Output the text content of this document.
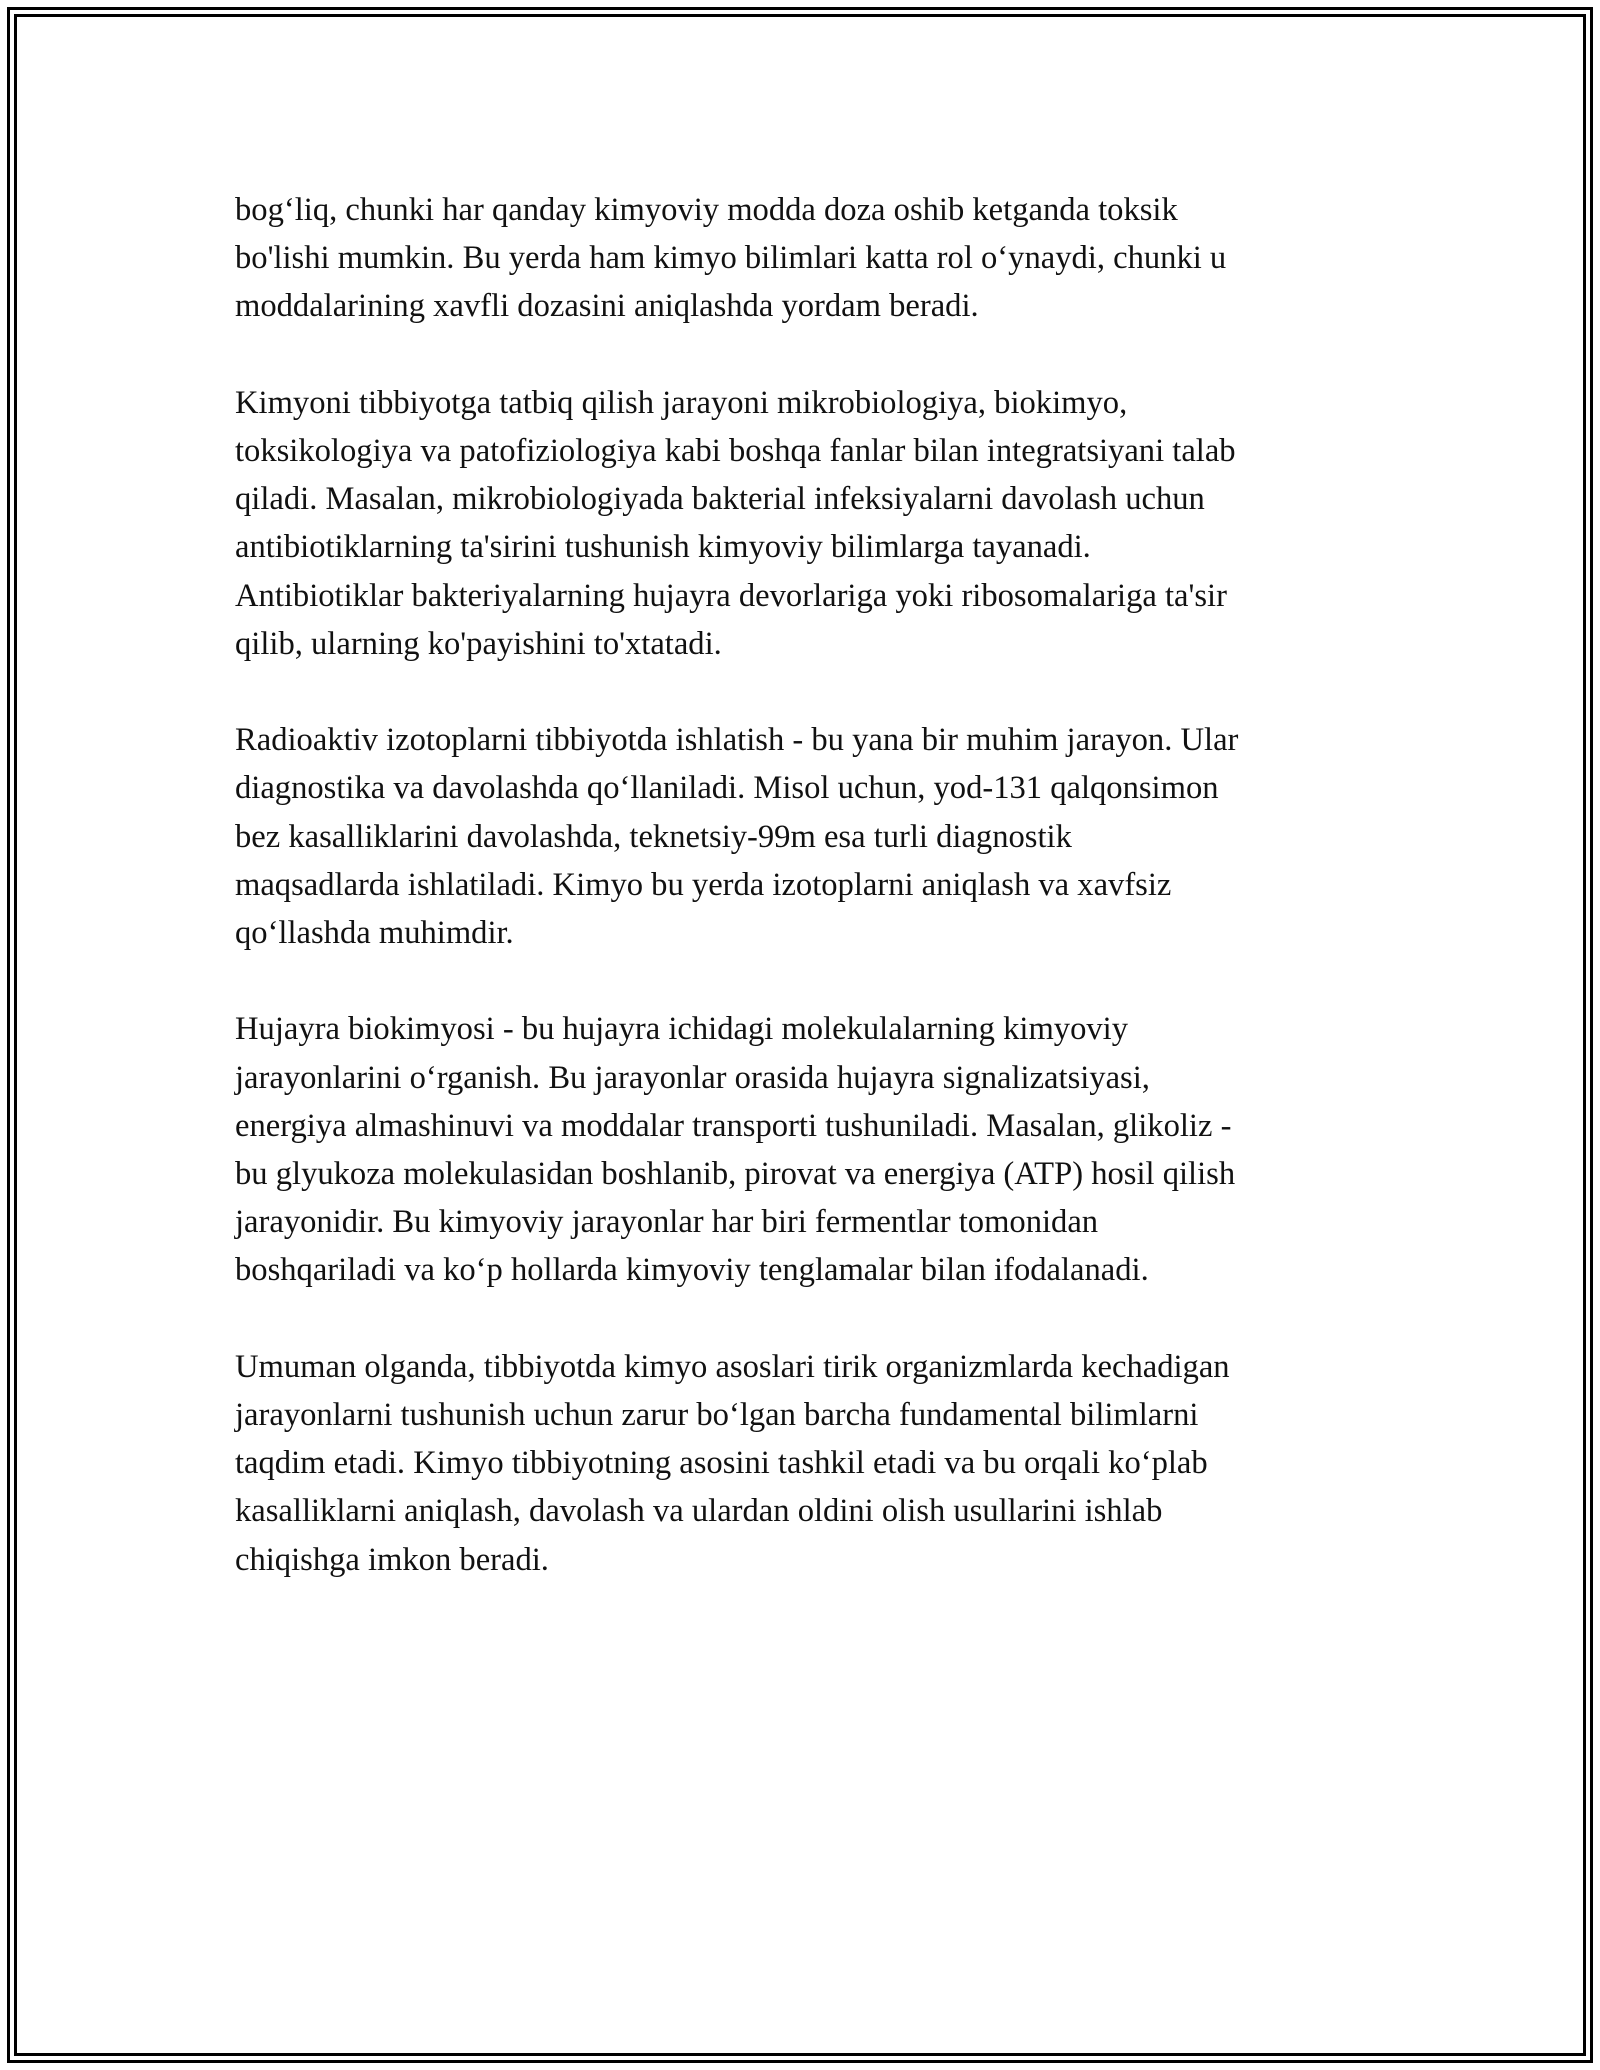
bog‘liq, chunki har qanday kimyoviy modda doza oshib ketganda toksik
bo'lishi mumkin. Bu yerda ham kimyo bilimlari katta rol o‘ynaydi, chunki u
moddalarining xavfli dozasini aniqlashda yordam beradi.

Kimyoni tibbiyotga tatbiq qilish jarayoni mikrobiologiya, biokimyo,
toksikologiya va patofiziologiya kabi boshqa fanlar bilan integratsiyani talab
qiladi. Masalan, mikrobiologiyada bakterial infeksiyalarni davolash uchun
antibiotiklarning ta'sirini tushunish kimyoviy bilimlarga tayanadi.
Antibiotiklar bakteriyalarning hujayra devorlariga yoki ribosomalariga ta'sir
qilib, ularning ko'payishini to'xtatadi.

Radioaktiv izotoplarni tibbiyotda ishlatish - bu yana bir muhim jarayon. Ular
diagnostika va davolashda qo‘llaniladi. Misol uchun, yod-131 qalqonsimon
bez kasalliklarini davolashda, teknetsiy-99m esa turli diagnostik
maqsadlarda ishlatiladi. Kimyo bu yerda izotoplarni aniqlash va xavfsiz
qo‘llashda muhimdir.

Hujayra biokimyosi - bu hujayra ichidagi molekulalarning kimyoviy
jarayonlarini o‘rganish. Bu jarayonlar orasida hujayra signalizatsiyasi,
energiya almashinuvi va moddalar transporti tushuniladi. Masalan, glikoliz -
bu glyukoza molekulasidan boshlanib, pirovat va energiya (ATP) hosil qilish
jarayonidir. Bu kimyoviy jarayonlar har biri fermentlar tomonidan
boshqariladi va ko‘p hollarda kimyoviy tenglamalar bilan ifodalanadi.

Umuman olganda, tibbiyotda kimyo asoslari tirik organizmlarda kechadigan
jarayonlarni tushunish uchun zarur bo‘lgan barcha fundamental bilimlarni
taqdim etadi. Kimyo tibbiyotning asosini tashkil etadi va bu orqali ko‘plab
kasalliklarni aniqlash, davolash va ulardan oldini olish usullarini ishlab
chiqishga imkon beradi.
